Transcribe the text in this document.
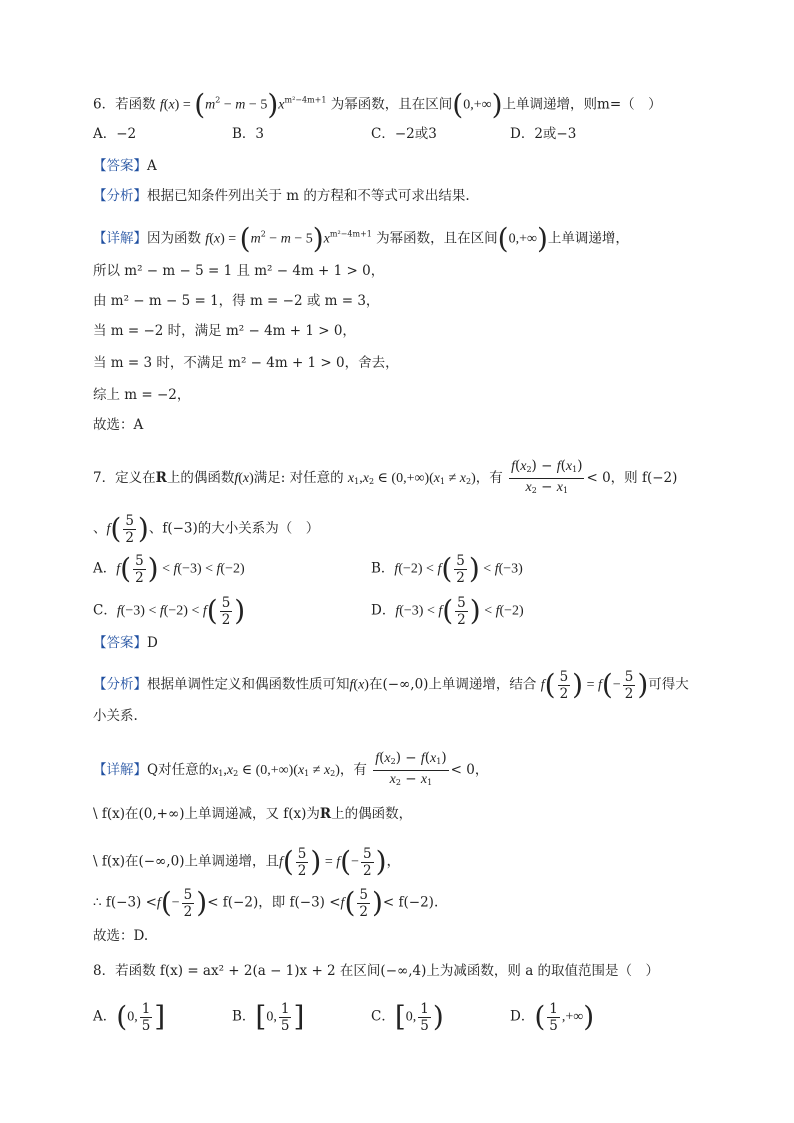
6．若函数 $f(x) = (m^2 - m - 5)x^{m^2-4m+1}$ 为幂函数，且在区间(0,+∞)上单调递增，则m=（　）
A．−2	B．3	C．−2或3	D．2或−3
【答案】A
【分析】根据已知条件列出关于 m 的方程和不等式可求出结果.
【详解】因为函数 $f(x) = (m^2 - m - 5)x^{m^2-4m+1}$ 为幂函数，且在区间(0,+∞)上单调递增，
所以 m² − m − 5 = 1 且 m² − 4m + 1 > 0，
由 m² − m − 5 = 1，得 m = −2 或 m = 3，
当 m = −2 时，满足 m² − 4m + 1 > 0，
当 m = 3 时，不满足 m² − 4m + 1 > 0，舍去，
综上 m = −2，
故选：A
7．定义在R上的偶函数f(x)满足: 对任意的 $x_1,x_2$ ∈ $(0,+\infty)(x_1 \ne x_2)$，有 $\frac{f(x_2) - f(x_1)}{x_2 - x_1} < 0$，则 f(−2)
、$f( \frac{5}{2}$ )、f(−3)的大小关系为（　）
A．$f( \frac{5}{2}$ ) < f(−3) < f(−2)	B．$f(-2) < f( \frac{5}{2}$ ) < f(−3)
C．$f(-3) < f(-2) < f( \frac{5}{2}$ )	D．$f(-3) < f( \frac{5}{2}$ ) < f(−2)
【答案】D
【分析】根据单调性定义和偶函数性质可知f(x)在(−∞,0)上单调递增，结合 $f( \frac{5}{2}$ ) = $f(- \frac{5}{2}$ )可得大
小关系.
【详解】Q对任意的$x_1,x_2$ ∈ $(0,+\infty)(x_1 \ne x_2)$，有 $\frac{f(x_2) - f(x_1)}{x_2 - x_1} < 0$，
\ f(x)在(0,+∞)上单调递减，又 f(x)为R上的偶函数，
\ f(x)在(−∞,0)上单调递增，且$f( \frac{5}{2}$ ) = $f(- \frac{5}{2}$ )，
∴ $f(-3) <f(- \frac{5}{2}$ )< f(−2)，即 $f(-3) <f( \frac{5}{2}$ )< f(−2).
故选：D.
8．若函数 f(x) = ax² + 2(a − 1)x + 2 在区间(−∞,4)上为减函数，则 a 的取值范围是（　）
A．(0, $\frac{1}{5}$ ]	B．[0, $\frac{1}{5}$ ]	C．[0, $\frac{1}{5}$ )	D．( $\frac{1}{5}$ ,+∞)
